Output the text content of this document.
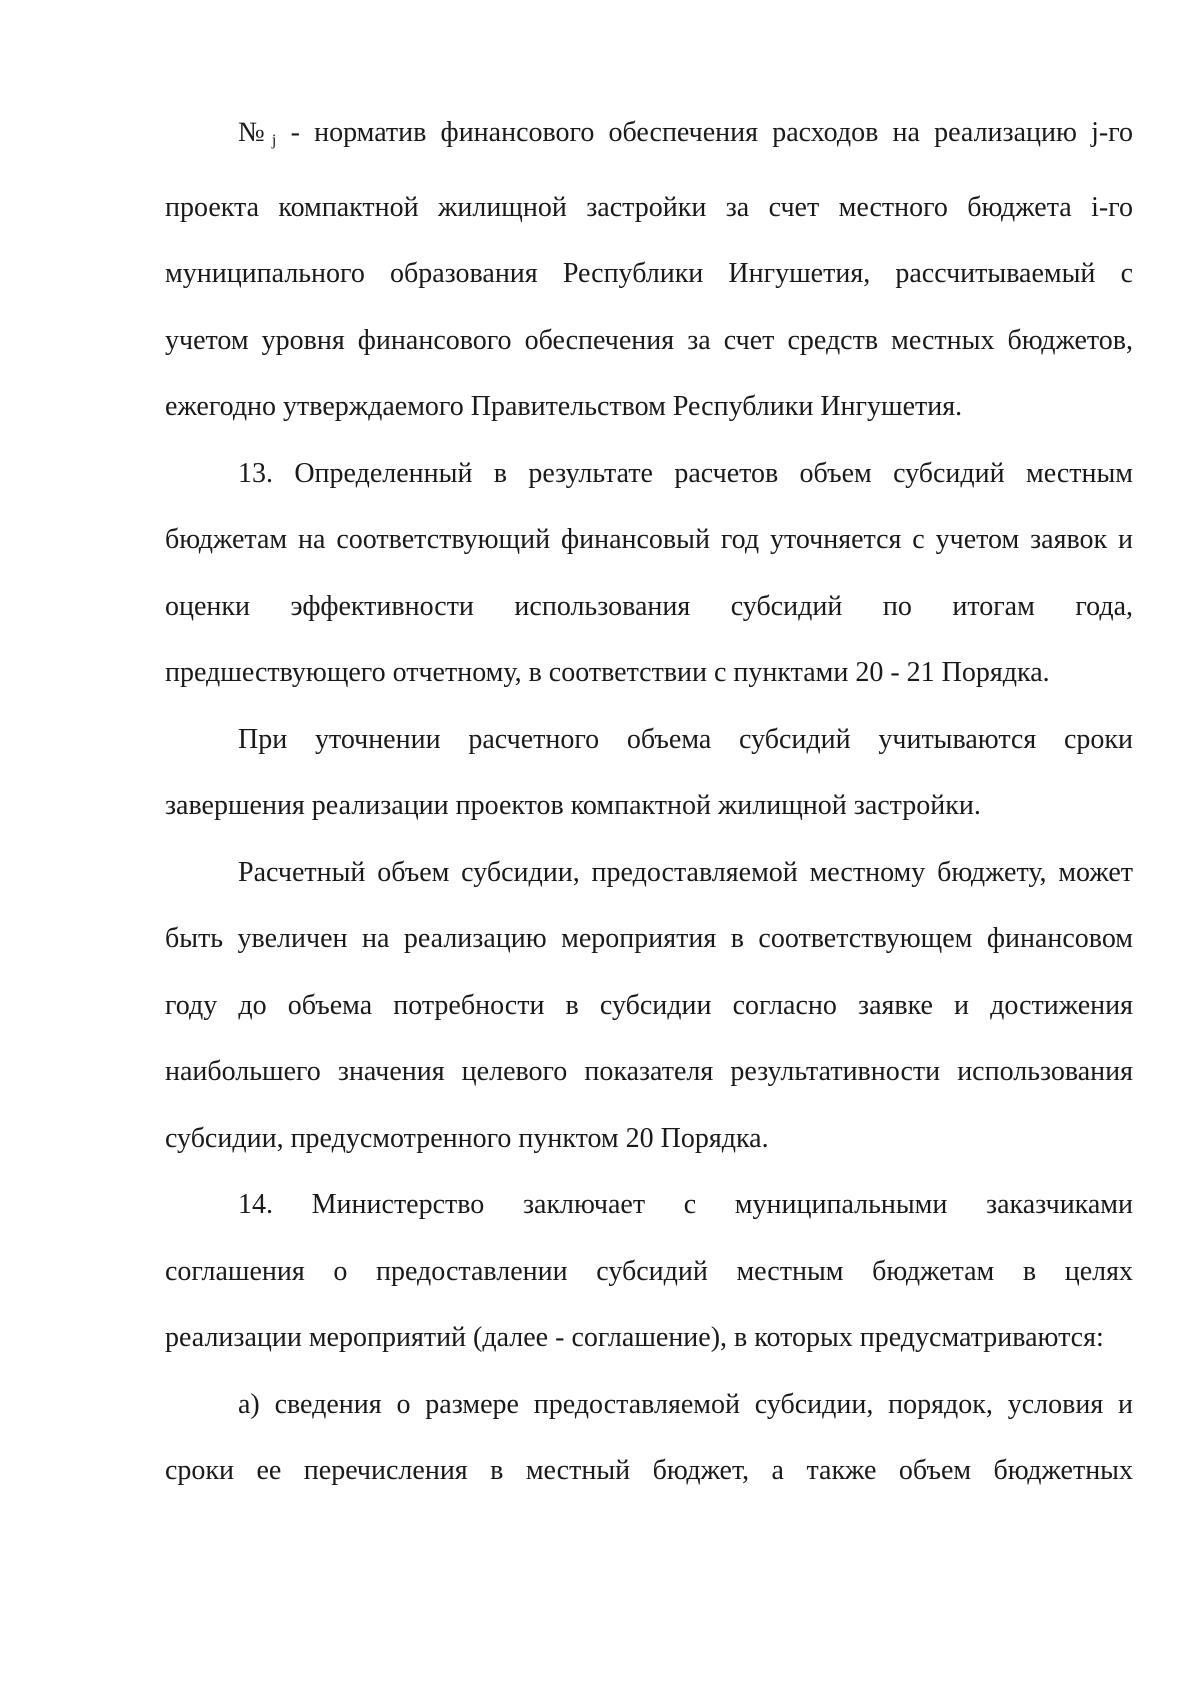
$№_j$ - норматив финансового обеспечения расходов на реализацию j-го
проекта компактной жилищной застройки за счет местного бюджета i-го
муниципального образования Республики Ингушетия, рассчитываемый с
учетом уровня финансового обеспечения за счет средств местных бюджетов,
ежегодно утверждаемого Правительством Республики Ингушетия.
13. Определенный в результате расчетов объем субсидий местным
бюджетам на соответствующий финансовый год уточняется с учетом заявок и
оценки эффективности использования субсидий по итогам года,
предшествующего отчетному, в соответствии с пунктами 20 - 21 Порядка.
При уточнении расчетного объема субсидий учитываются сроки
завершения реализации проектов компактной жилищной застройки.
Расчетный объем субсидии, предоставляемой местному бюджету, может
быть увеличен на реализацию мероприятия в соответствующем финансовом
году до объема потребности в субсидии согласно заявке и достижения
наибольшего значения целевого показателя результативности использования
субсидии, предусмотренного пунктом 20 Порядка.
14. Министерство заключает с муниципальными заказчиками
соглашения о предоставлении субсидий местным бюджетам в целях
реализации мероприятий (далее - соглашение), в которых предусматриваются:
а) сведения о размере предоставляемой субсидии, порядок, условия и
сроки ее перечисления в местный бюджет, а также объем бюджетных
